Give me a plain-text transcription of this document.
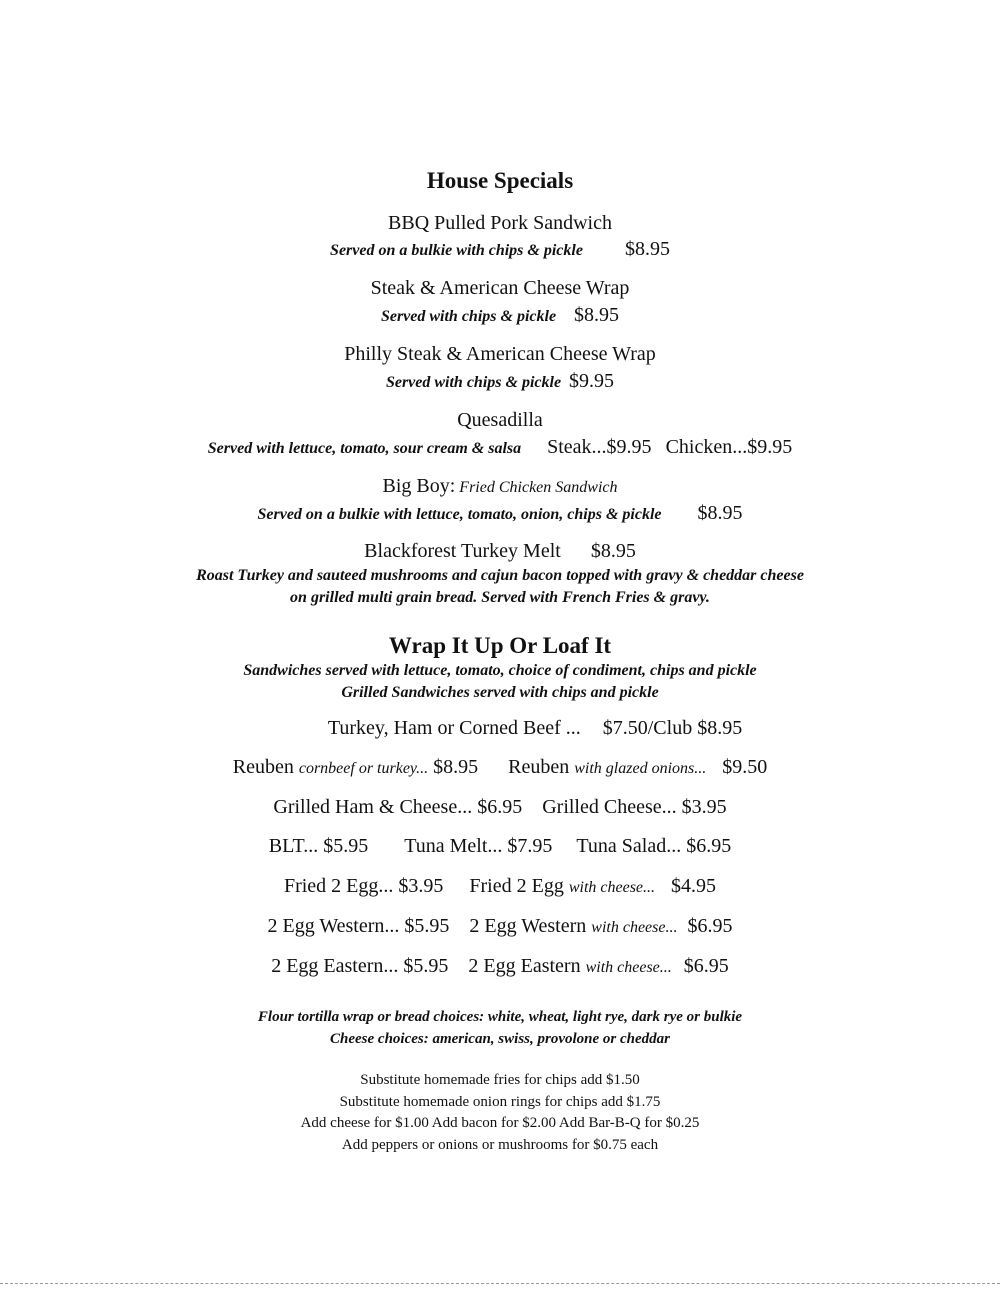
House Specials
BBQ Pulled Pork Sandwich
Served on a bulkie with chips & pickle $8.95
Steak & American Cheese Wrap
Served with chips & pickle $8.95
Philly Steak & American Cheese Wrap
Served with chips & pickle $9.95
Quesadilla
Served with lettuce, tomato, sour cream & salsa Steak...$9.95 Chicken...$9.95
Big Boy: Fried Chicken Sandwich
Served on a bulkie with lettuce, tomato, onion, chips & pickle $8.95
Blackforest Turkey Melt $8.95
Roast Turkey and sauteed mushrooms and cajun bacon topped with gravy & cheddar cheese
on grilled multi grain bread. Served with French Fries & gravy.
Wrap It Up Or Loaf It
Sandwiches served with lettuce, tomato, choice of condiment, chips and pickle
Grilled Sandwiches served with chips and pickle
Turkey, Ham or Corned Beef ... $7.50/Club $8.95
Reuben cornbeef or turkey... $8.95 Reuben with glazed onions... $9.50
Grilled Ham & Cheese... $6.95 Grilled Cheese... $3.95
BLT... $5.95 Tuna Melt... $7.95 Tuna Salad... $6.95
Fried 2 Egg... $3.95 Fried 2 Egg with cheese... $4.95
2 Egg Western... $5.95 2 Egg Western with cheese... $6.95
2 Egg Eastern... $5.95 2 Egg Eastern with cheese... $6.95
Flour tortilla wrap or bread choices: white, wheat, light rye, dark rye or bulkie
Cheese choices: american, swiss, provolone or cheddar
Substitute homemade fries for chips add $1.50
Substitute homemade onion rings for chips add $1.75
Add cheese for $1.00 Add bacon for $2.00 Add Bar-B-Q for $0.25
Add peppers or onions or mushrooms for $0.75 each
